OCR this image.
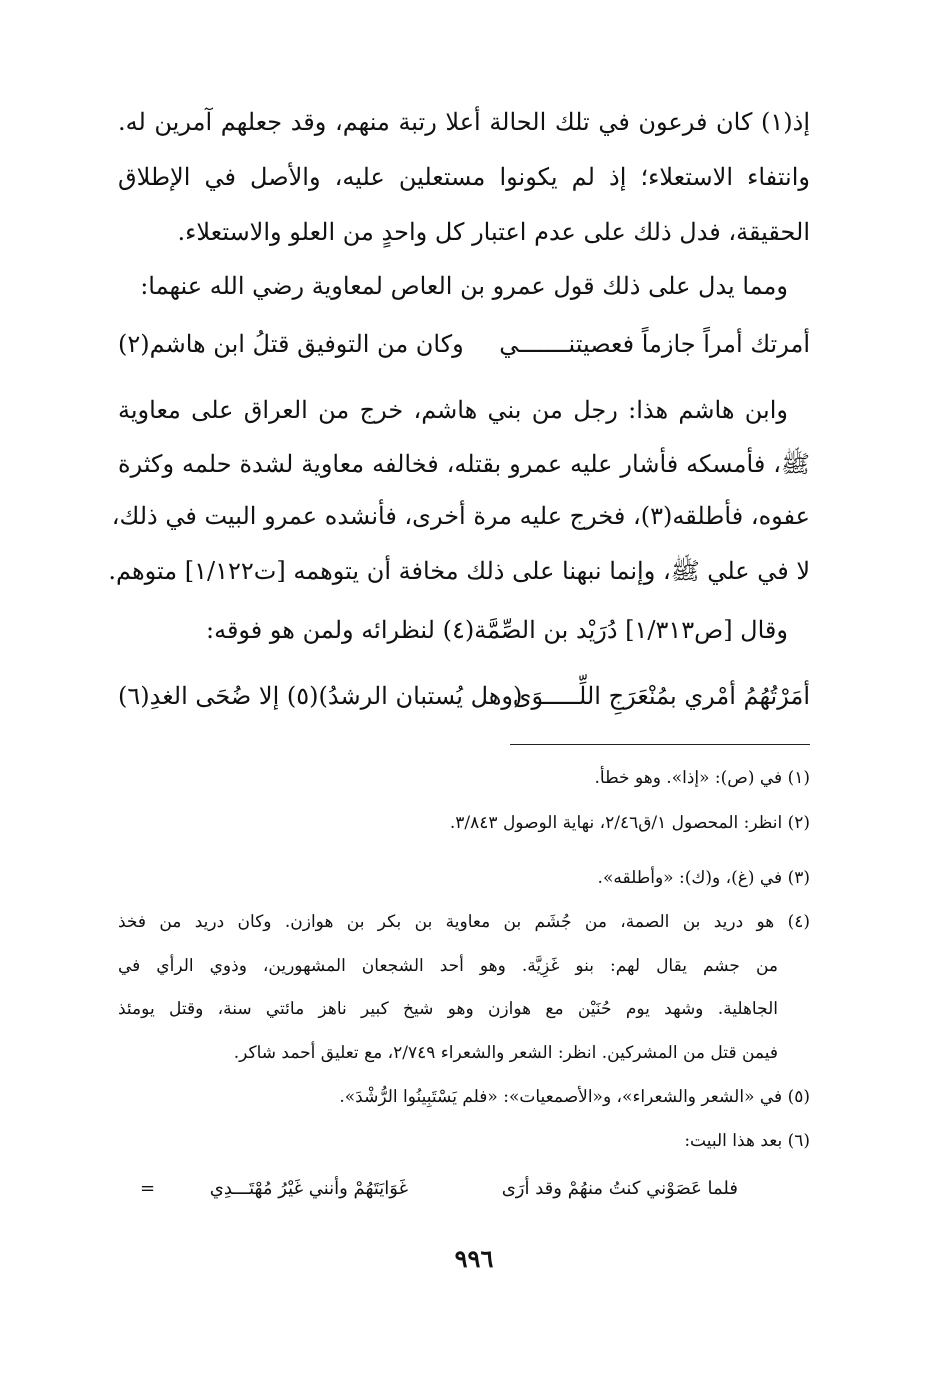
إذ(١) كان فرعون في تلك الحالة أعلا رتبة منهم، وقد جعلهم آمرين له.
وانتفاء الاستعلاء؛ إذ لم يكونوا مستعلين عليه، والأصل في الإطلاق
الحقيقة، فدل ذلك على عدم اعتبار كل واحدٍ من العلو والاستعلاء.
ومما يدل على ذلك قول عمرو بن العاص لمعاوية رضي الله عنهما:
أمرتك أمراً جازماً فعصيتنـــــــي
وكان من التوفيق قتلُ ابن هاشم(٢)
وابن هاشم هذا: رجل من بني هاشم، خرج من العراق على معاوية
ﷺ، فأمسكه فأشار عليه عمرو بقتله، فخالفه معاوية لشدة حلمه وكثرة
عفوه، فأطلقه(٣)، فخرج عليه مرة أخرى، فأنشده عمرو البيت في ذلك،
لا في علي ﷺ، وإنما نبهنا على ذلك مخافة أن يتوهمه [ت١/١٢٢] متوهم.
وقال [ص١/٣١٣] دُرَيْد بن الصِّمَّة(٤) لنظرائه ولمن هو فوقه:
أمَرْتُهُمُ أمْري بمُنْعَرَجِ اللِّـــــوَى
(وهل يُستبان الرشدُ)(٥) إلا ضُحَى الغدِ(٦)
(١) في (ص): «إذا». وهو خطأ.
(٢) انظر: المحصول ١/ق٢/٤٦، نهاية الوصول ٣/٨٤٣.
(٣) في (غ)، و(ك): «وأطلقه».
(٤) هو دريد بن الصمة، من جُشَم بن معاوية بن بكر بن هوازن. وكان دريد من فخذ
من جشم يقال لهم: بنو غَزِيَّة. وهو أحد الشجعان المشهورين، وذوي الرأي في
الجاهلية. وشهد يوم حُنَيْن مع هوازن وهو شيخ كبير ناهز مائتي سنة، وقتل يومئذ
فيمن قتل من المشركين. انظر: الشعر والشعراء ٢/٧٤٩، مع تعليق أحمد شاكر.
(٥) في «الشعر والشعراء»، و«الأصمعيات»: «فلم يَسْتَبِينُوا الرُّشْدَ».
(٦) بعد هذا البيت:
فلما عَصَوْني كنتُ منهُمْ وقد أرَى
غَوَايَتَهُمْ وأنني غَيْرُ مُهْتَـــدِي
=
٩٩٦
